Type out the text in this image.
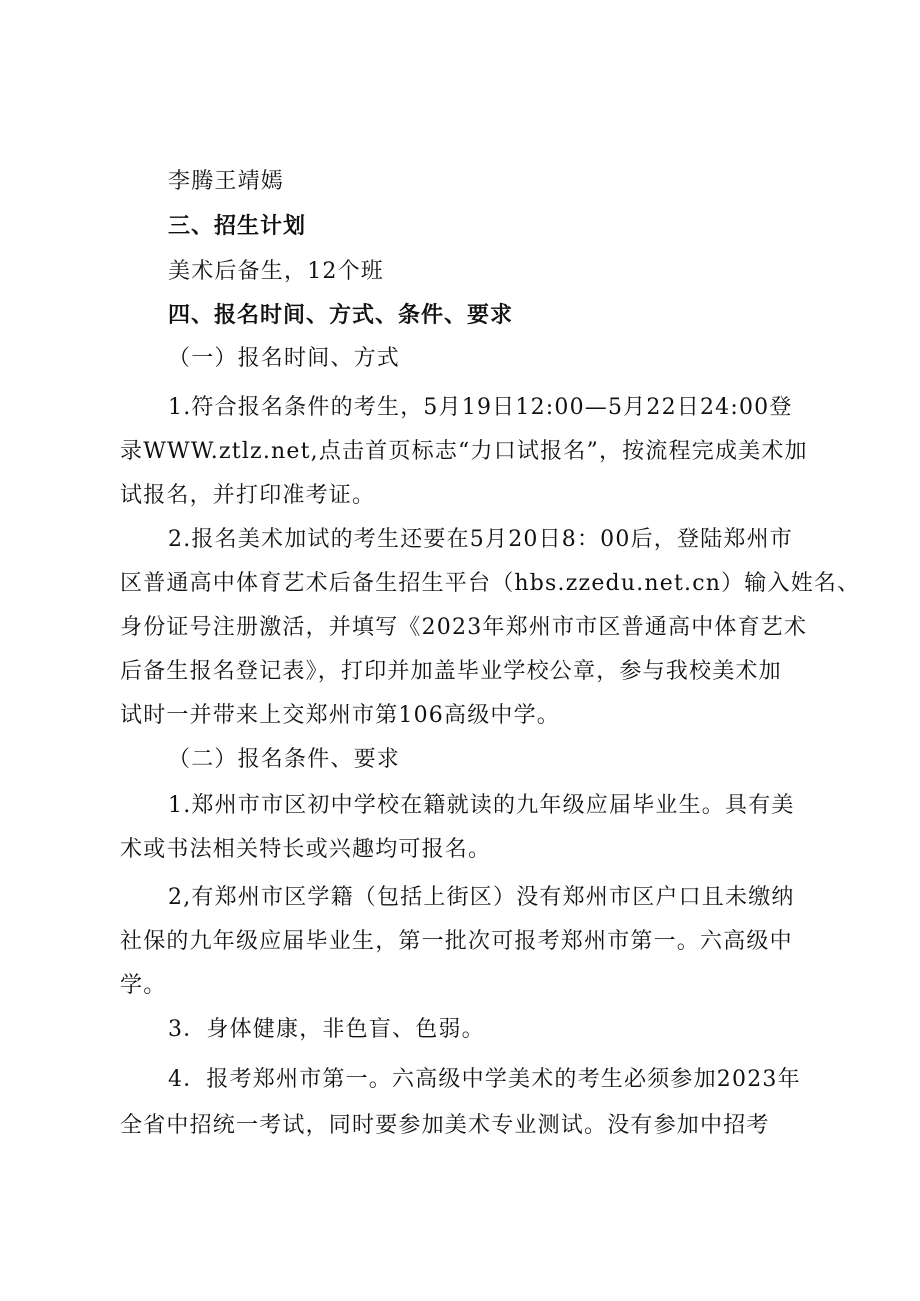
李腾王靖嫣
三、招生计划
美术后备生，12个班
四、报名时间、方式、条件、要求
（一）报名时间、方式
1.符合报名条件的考生，5月19日12:00—5月22日24:00登
录WWW.ztlz.net,点击首页标志“力口试报名”，按流程完成美术加
试报名，并打印准考证。
2.报名美术加试的考生还要在5月20日8：00后，登陆郑州市
区普通高中体育艺术后备生招生平台（hbs.zzedu.net.cn）输入姓名、
身份证号注册激活，并填写《2023年郑州市市区普通高中体育艺术
后备生报名登记表》，打印并加盖毕业学校公章，参与我校美术加
试时一并带来上交郑州市第106高级中学。
（二）报名条件、要求
1.郑州市市区初中学校在籍就读的九年级应届毕业生。具有美
术或书法相关特长或兴趣均可报名。
2,有郑州市区学籍（包括上街区）没有郑州市区户口且未缴纳
社保的九年级应届毕业生，第一批次可报考郑州市第一。六高级中
学。
3．身体健康，非色盲、色弱。
4．报考郑州市第一。六高级中学美术的考生必须参加2023年
全省中招统一考试，同时要参加美术专业测试。没有参加中招考
